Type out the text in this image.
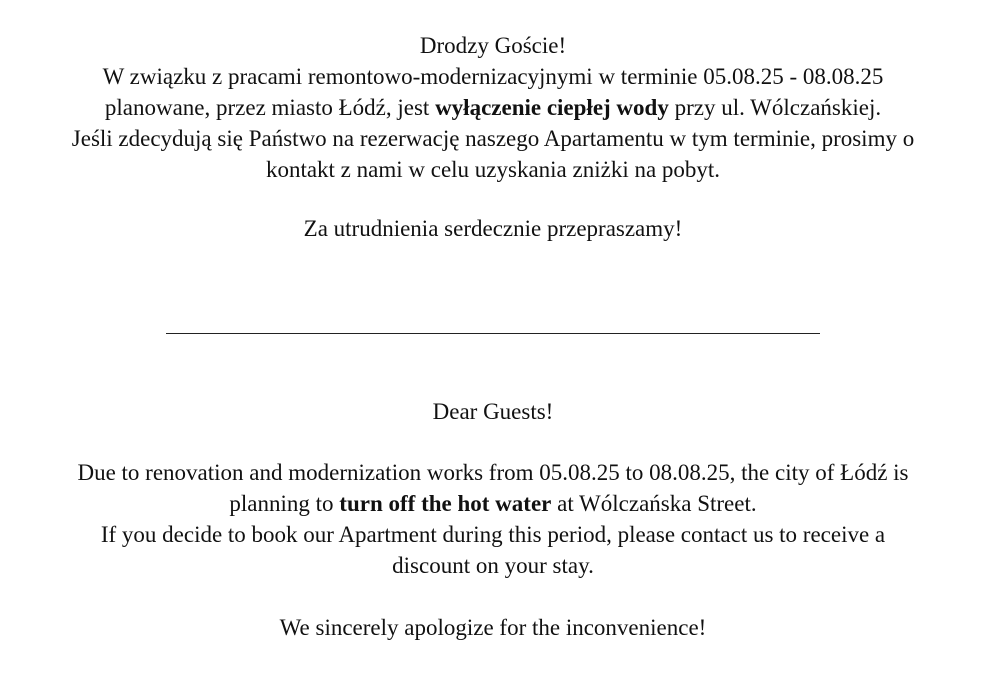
Drodzy Goście!
W związku z pracami remontowo-modernizacyjnymi w terminie 05.08.25 - 08.08.25
planowane, przez miasto Łódź, jest wyłączenie ciepłej wody przy ul. Wólczańskiej.
Jeśli zdecydują się Państwo na rezerwację naszego Apartamentu w tym terminie, prosimy o
kontakt z nami w celu uzyskania zniżki na pobyt.
Za utrudnienia serdecznie przepraszamy!
Dear Guests!
Due to renovation and modernization works from 05.08.25 to 08.08.25, the city of Łódź is
planning to turn off the hot water at Wólczańska Street.
If you decide to book our Apartment during this period, please contact us to receive a
discount on your stay.
We sincerely apologize for the inconvenience!
